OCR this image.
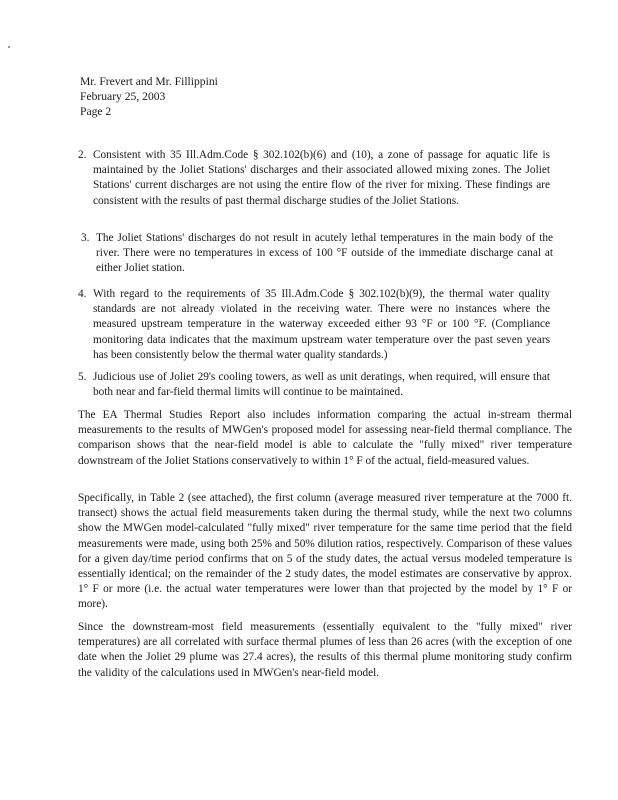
Mr. Frevert and Mr. Fillippini
February 25, 2003
Page 2
2. Consistent with 35 Ill.Adm.Code § 302.102(b)(6) and (10), a zone of passage for aquatic life is maintained by the Joliet Stations' discharges and their associated allowed mixing zones. The Joliet Stations' current discharges are not using the entire flow of the river for mixing. These findings are consistent with the results of past thermal discharge studies of the Joliet Stations.
3. The Joliet Stations' discharges do not result in acutely lethal temperatures in the main body of the river. There were no temperatures in excess of 100 °F outside of the immediate discharge canal at either Joliet station.
4. With regard to the requirements of 35 Ill.Adm.Code § 302.102(b)(9), the thermal water quality standards are not already violated in the receiving water. There were no instances where the measured upstream temperature in the waterway exceeded either 93 °F or 100 °F. (Compliance monitoring data indicates that the maximum upstream water temperature over the past seven years has been consistently below the thermal water quality standards.)
5. Judicious use of Joliet 29's cooling towers, as well as unit deratings, when required, will ensure that both near and far-field thermal limits will continue to be maintained.

The EA Thermal Studies Report also includes information comparing the actual in-stream thermal measurements to the results of MWGen's proposed model for assessing near-field thermal compliance. The comparison shows that the near-field model is able to calculate the "fully mixed" river temperature downstream of the Joliet Stations conservatively to within 1° F of the actual, field-measured values.

Specifically, in Table 2 (see attached), the first column (average measured river temperature at the 7000 ft. transect) shows the actual field measurements taken during the thermal study, while the next two columns show the MWGen model-calculated "fully mixed" river temperature for the same time period that the field measurements were made, using both 25% and 50% dilution ratios, respectively. Comparison of these values for a given day/time period confirms that on 5 of the study dates, the actual versus modeled temperature is essentially identical; on the remainder of the 2 study dates, the model estimates are conservative by approx. 1° F or more (i.e. the actual water temperatures were lower than that projected by the model by 1° F or more).

Since the downstream-most field measurements (essentially equivalent to the "fully mixed" river temperatures) are all correlated with surface thermal plumes of less than 26 acres (with the exception of one date when the Joliet 29 plume was 27.4 acres), the results of this thermal plume monitoring study confirm the validity of the calculations used in MWGen's near-field model.
